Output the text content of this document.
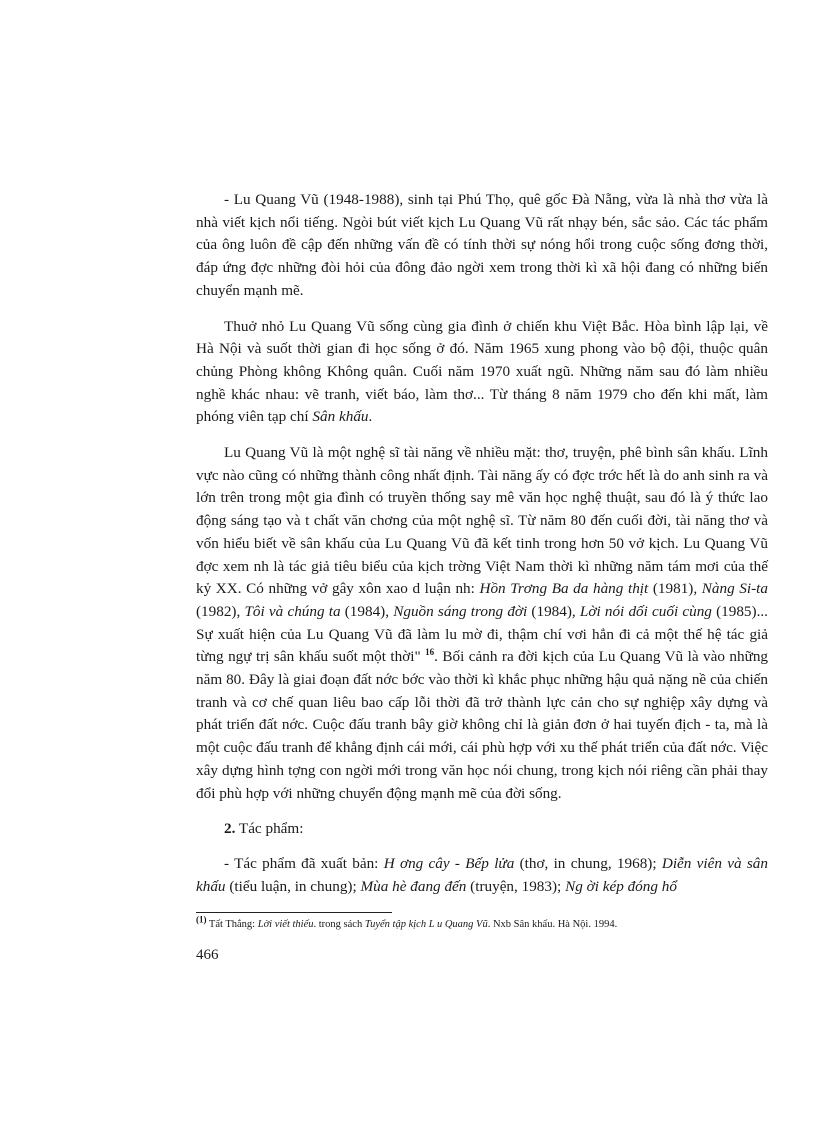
- Lu Quang Vũ (1948-1988), sinh tại Phú Thọ, quê gốc Đà Nẵng, vừa là nhà thơ vừa là nhà viết kịch nổi tiếng. Ngòi bút viết kịch Lu Quang Vũ rất nhạy bén, sắc sảo. Các tác phẩm của ông luôn đề cập đến những vấn đề có tính thời sự nóng hổi trong cuộc sống đơng thời, đáp ứng đợc những đòi hỏi của đông đảo ngời xem trong thời kì xã hội đang có những biến chuyển mạnh mẽ.

Thuở nhỏ Lu Quang Vũ sống cùng gia đình ở chiến khu Việt Bắc. Hòa bình lập lại, về Hà Nội và suốt thời gian đi học sống ở đó. Năm 1965 xung phong vào bộ đội, thuộc quân chủng Phòng không Không quân. Cuối năm 1970 xuất ngũ. Những năm sau đó làm nhiều nghề khác nhau: vẽ tranh, viết báo, làm thơ... Từ tháng 8 năm 1979 cho đến khi mất, làm phóng viên tạp chí Sân khấu.

Lu Quang Vũ là một nghệ sĩ tài năng về nhiều mặt: thơ, truyện, phê bình sân khấu. Lĩnh vực nào cũng có những thành công nhất định. Tài năng ấy có đợc trớc hết là do anh sinh ra và lớn trên trong một gia đình có truyền thống say mê văn học nghệ thuật, sau đó là ý thức lao động sáng tạo và t chất văn chơng của một nghệ sĩ. Từ năm 80 đến cuối đời, tài năng thơ và vốn hiểu biết về sân khấu của Lu Quang Vũ đã kết tinh trong hơn 50 vở kịch. Lu Quang Vũ đợc xem nh là tác giả tiêu biểu của kịch trờng Việt Nam thời kì những năm tám mơi của thế kỷ XX. Có những vở gây xôn xao d luận nh: Hồn Trơng Ba da hàng thịt (1981), Nàng Si-ta (1982), Tôi và chúng ta (1984), Nguồn sáng trong đời (1984), Lời nói dối cuối cùng (1985)... Sự xuất hiện của Lu Quang Vũ đã làm lu mờ đi, thậm chí vơi hẳn đi cả một thế hệ tác giả từng ngự trị sân khấu suốt một thời" $^{16}$. Bối cảnh ra đời kịch của Lu Quang Vũ là vào những năm 80. Đây là giai đoạn đất nớc bớc vào thời kì khắc phục những hậu quả nặng nề của chiến tranh và cơ chế quan liêu bao cấp lỗi thời đã trở thành lực cản cho sự nghiệp xây dựng và phát triển đất nớc. Cuộc đấu tranh bây giờ không chỉ là giản đơn ở hai tuyến địch - ta, mà là một cuộc đấu tranh để khẳng định cái mới, cái phù hợp với xu thế phát triển của đất nớc. Việc xây dựng hình tợng con ngời mới trong văn học nói chung, trong kịch nói riêng cần phải thay đổi phù hợp với những chuyển động mạnh mẽ của đời sống.

2. Tác phẩm:

- Tác phẩm đã xuất bản: H ơng cây - Bếp lửa (thơ, in chung, 1968); Diễn viên và sân khấu (tiểu luận, in chung); Mùa hè đang đến (truyện, 1983); Ng ời kép đóng hổ

$^{(1)}$ Tất Thắng: Lời viết thiếu. trong sách Tuyển tập kịch L u Quang Vũ. Nxb Sân khấu. Hà Nội. 1994.
466
